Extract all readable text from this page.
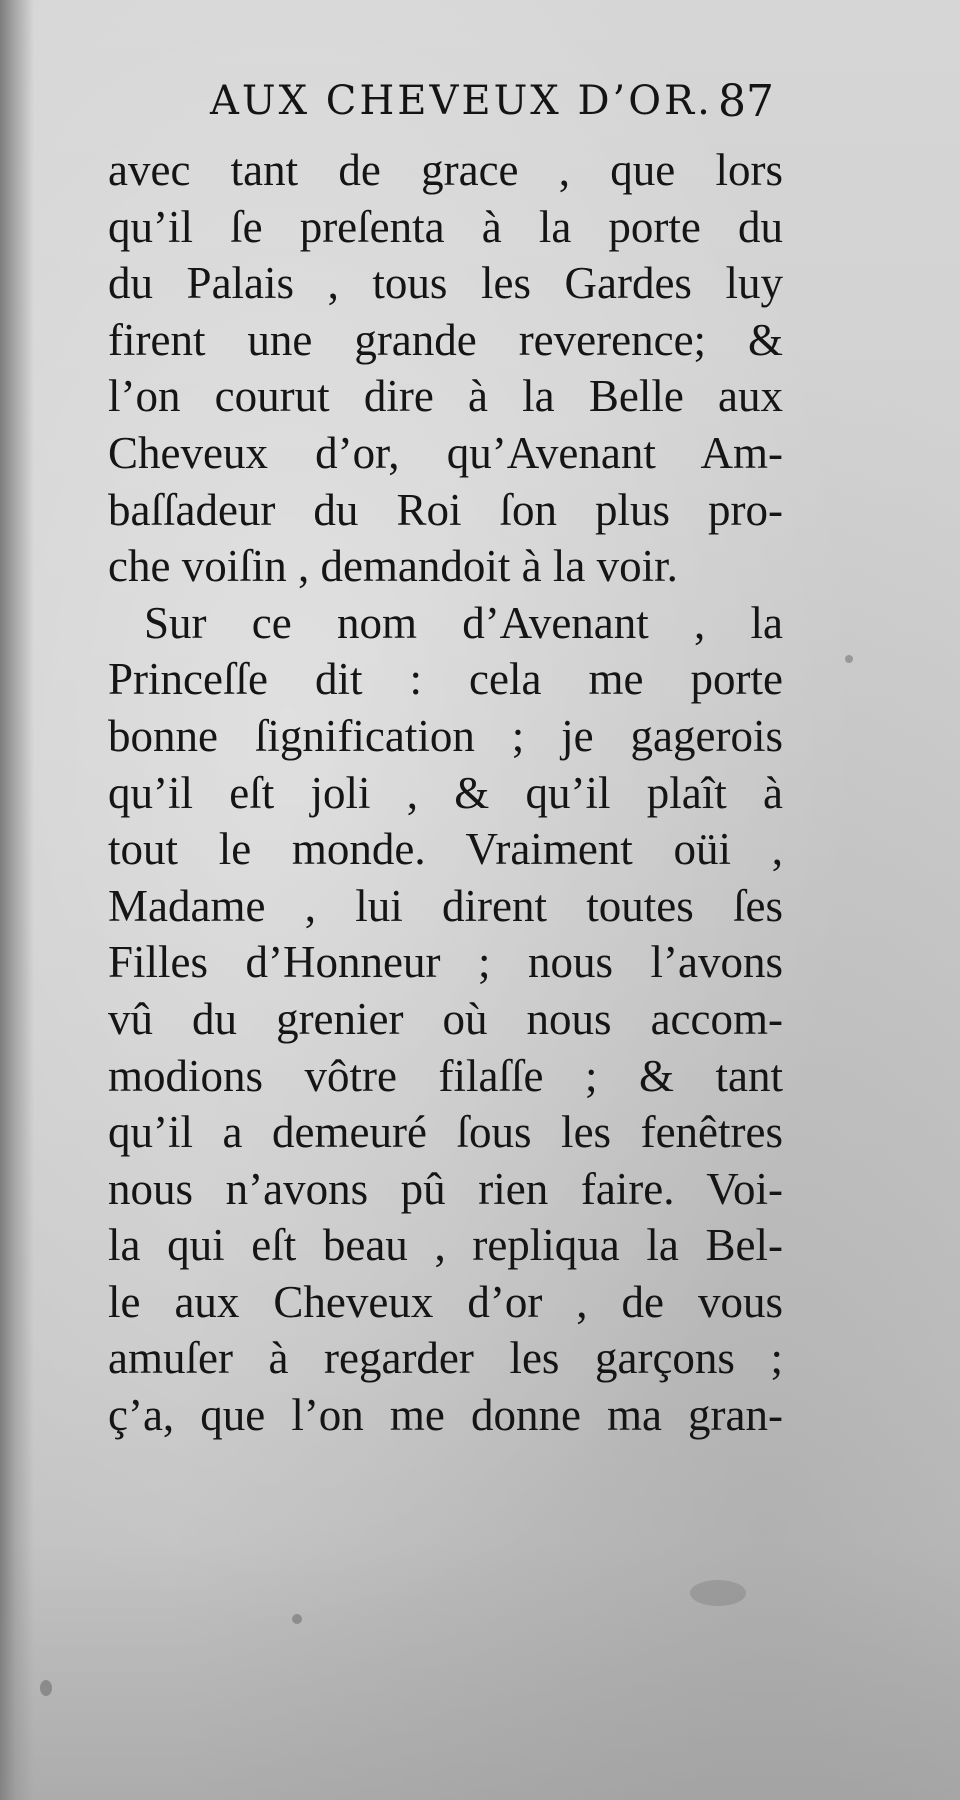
AUX CHEVEUX D’OR. 87
avec tant de grace , que lors
qu’il ſe preſenta à la porte du
du Palais , tous les Gardes luy
firent une grande reverence; &
l’on courut dire à la Belle aux
Cheveux d’or, qu’Avenant Am-
baſſadeur du Roi ſon plus pro-
che voiſin , demandoit à la voir.
Sur ce nom d’Avenant , la
Princeſſe dit : cela me porte
bonne ſignification ; je gagerois
qu’il eſt joli , & qu’il plaît à
tout le monde. Vraiment oüi ,
Madame , lui dirent toutes ſes
Filles d’Honneur ; nous l’avons
vû du grenier où nous accom-
modions vôtre filaſſe ; & tant
qu’il a demeuré ſous les fenêtres
nous n’avons pû rien faire. Voi-
la qui eſt beau , repliqua la Bel-
le aux Cheveux d’or , de vous
amuſer à regarder les garçons ;
ç’a, que l’on me donne ma gran-
